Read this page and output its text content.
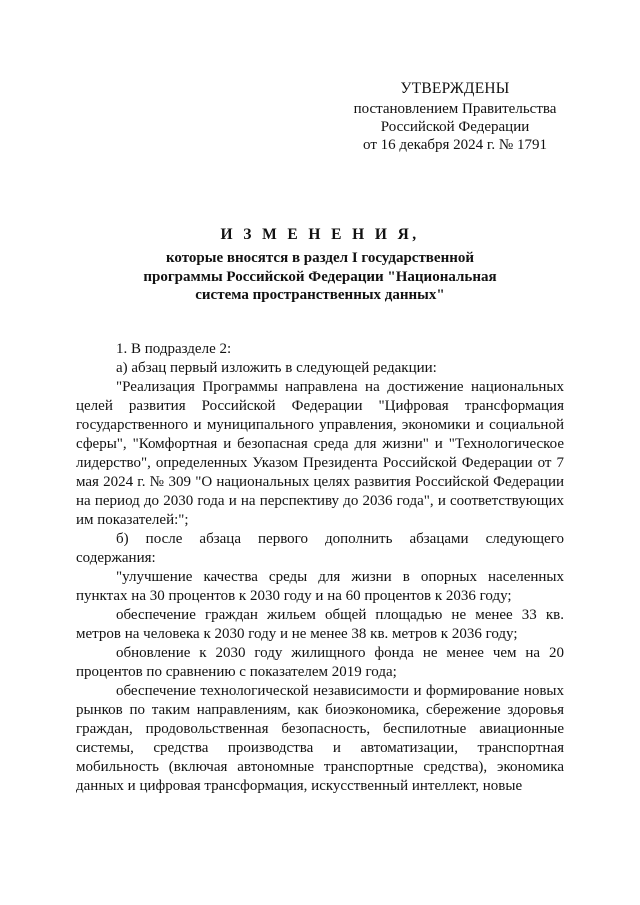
УТВЕРЖДЕНЫ
постановлением Правительства
Российской Федерации
от 16 декабря 2024 г. № 1791
И З М Е Н Е Н И Я,
которые вносятся в раздел I государственной программы Российской Федерации "Национальная система пространственных данных"

1. В подразделе 2:

а) абзац первый изложить в следующей редакции:

"Реализация Программы направлена на достижение национальных целей развития Российской Федерации "Цифровая трансформация государственного и муниципального управления, экономики и социальной сферы", "Комфортная и безопасная среда для жизни" и "Технологическое лидерство", определенных Указом Президента Российской Федерации от 7 мая 2024 г. № 309 "О национальных целях развития Российской Федерации на период до 2030 года и на перспективу до 2036 года", и соответствующих им показателей:";

б) после абзаца первого дополнить абзацами следующего содержания:

"улучшение качества среды для жизни в опорных населенных пунктах на 30 процентов к 2030 году и на 60 процентов к 2036 году;

обеспечение граждан жильем общей площадью не менее 33 кв. метров на человека к 2030 году и не менее 38 кв. метров к 2036 году;

обновление к 2030 году жилищного фонда не менее чем на 20 процентов по сравнению с показателем 2019 года;

обеспечение технологической независимости и формирование новых рынков по таким направлениям, как биоэкономика, сбережение здоровья граждан, продовольственная безопасность, беспилотные авиационные системы, средства производства и автоматизации, транспортная мобильность (включая автономные транспортные средства), экономика данных и цифровая трансформация, искусственный интеллект, новые
